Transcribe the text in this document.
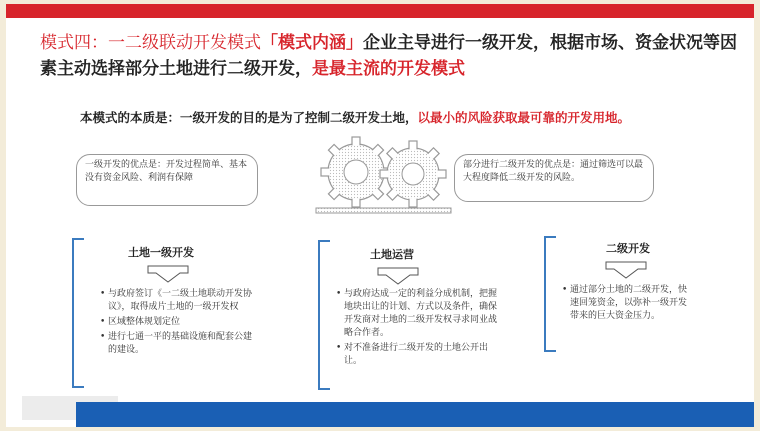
模式四：一二级联动开发模式「模式内涵」企业主导进行一级开发，根据市场、资金状况等因素主动选择部分土地进行二级开发，是最主流的开发模式
本模式的本质是：一级开发的目的是为了控制二级开发土地，以最小的风险获取最可靠的开发用地。
一级开发的优点是：开发过程简单、基本没有资金风险、利润有保障
部分进行二级开发的优点是：通过筛选可以最大程度降低二级开发的风险。
土地一级开发
• 与政府签订《一二级土地联动开发协议》，取得成片土地的一级开发权
• 区域整体规划定位
• 进行七通一平的基础设施和配套公建的建设。
土地运营
• 与政府达成一定的利益分成机制，把握地块出让的计划、方式以及条件，确保开发商对土地的二级开发权寻求同业战略合作者。
• 对不准备进行二级开发的土地公开出让。
二级开发
• 通过部分土地的二级开发，快速回笼资金，以弥补一级开发带来的巨大资金压力。
